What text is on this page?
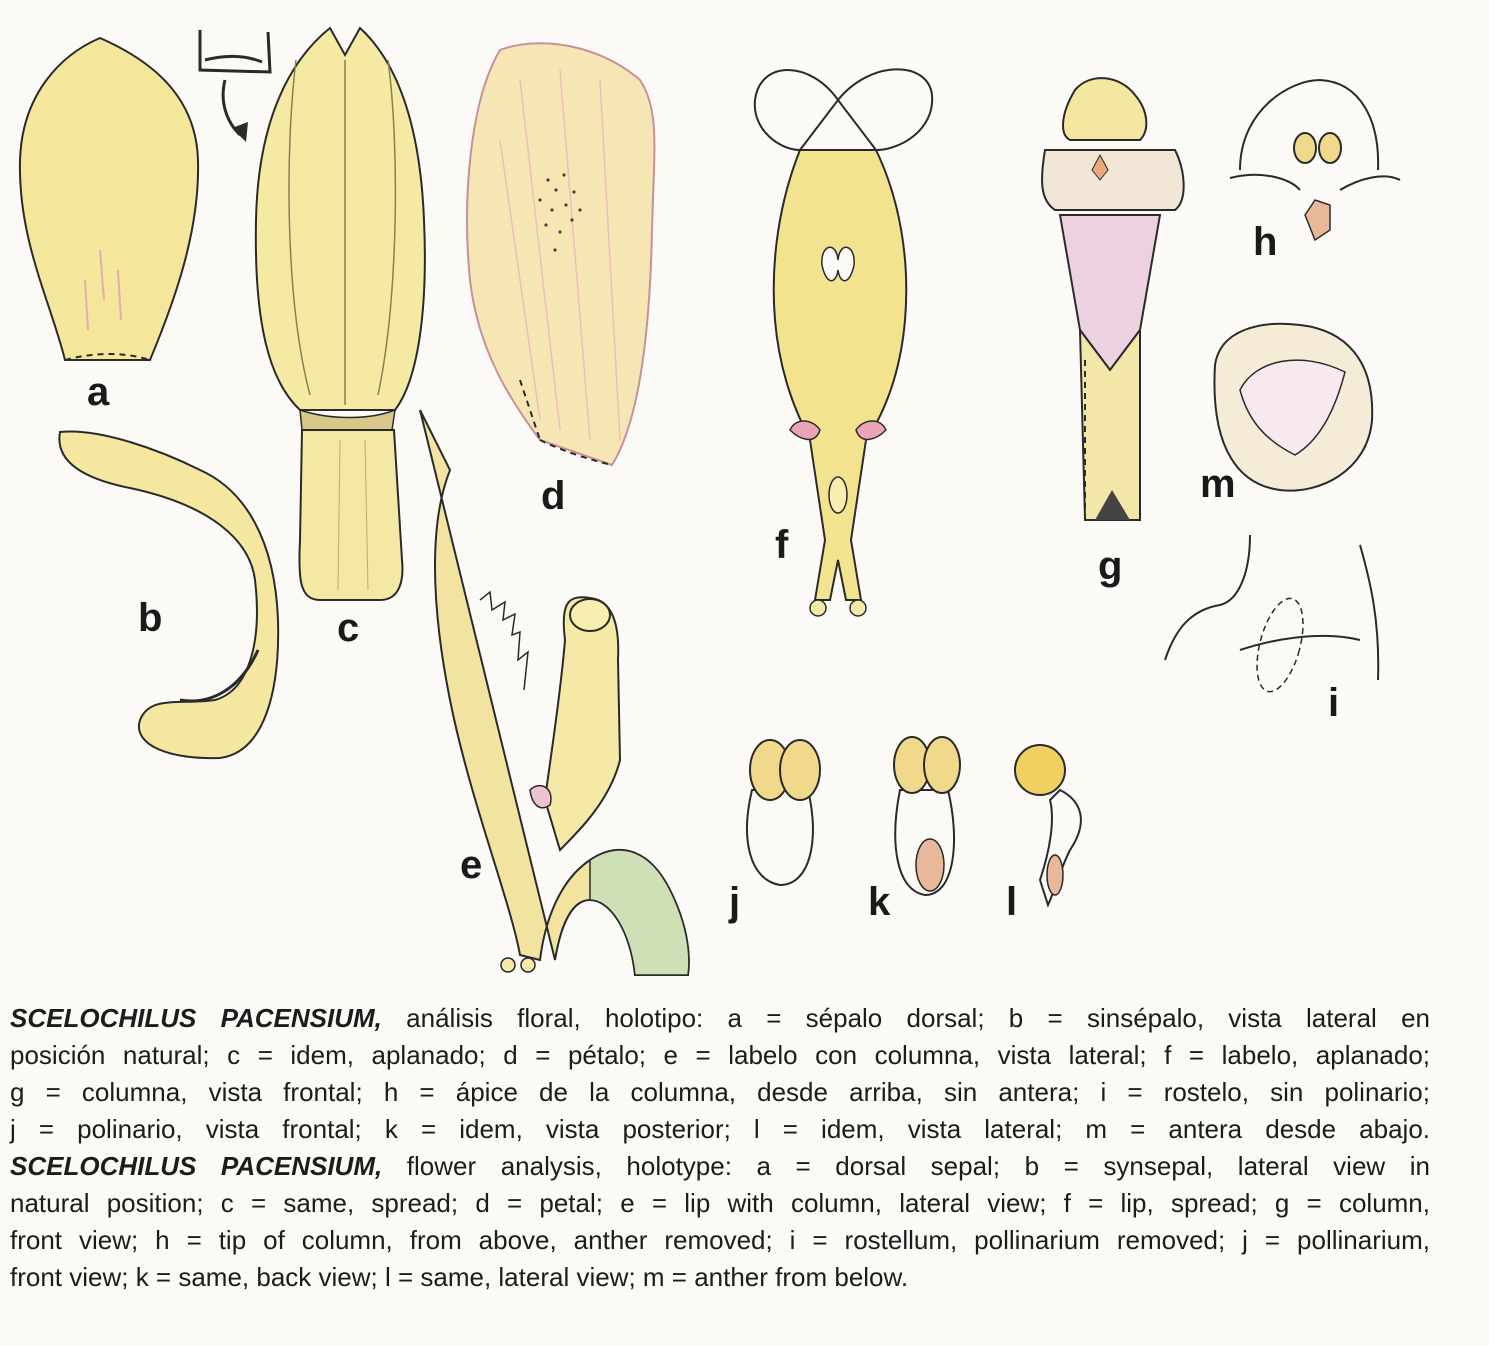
a
b	c
d
e
f	g
h
i
j	k	l
m
SCELOCHILUS PACENSIUM, análisis floral, holotipo: a = sépalo dorsal; b = sinsépalo, vista lateral en
posición natural; c = idem, aplanado; d = pétalo; e = labelo con columna, vista lateral; f = labelo, aplanado;
g = columna, vista frontal; h = ápice de la columna, desde arriba, sin antera; i = rostelo, sin polinario;
j = polinario, vista frontal; k = idem, vista posterior; l = idem, vista lateral; m = antera desde abajo.
SCELOCHILUS PACENSIUM, flower analysis, holotype: a = dorsal sepal; b = synsepal, lateral view in
natural position; c = same, spread; d = petal; e = lip with column, lateral view; f = lip, spread; g = column,
front view; h = tip of column, from above, anther removed; i = rostellum, pollinarium removed; j = pollinarium,
front view; k = same, back view; l = same, lateral view; m = anther from below.
